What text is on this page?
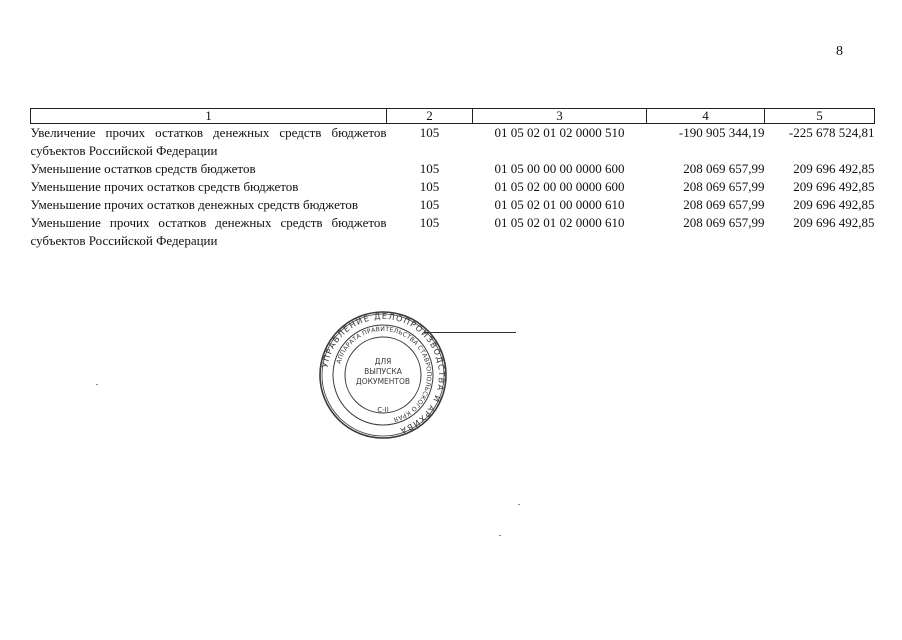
8
1	2	3	4	5
Увеличение прочих остатков денежных средств бюджетов субъектов Российской Федерации	105	01 05 02 01 02 0000 510	-190 905 344,19	-225 678 524,81
Уменьшение остатков средств бюджетов	105	01 05 00 00 00 0000 600	208 069 657,99	209 696 492,85
Уменьшение прочих остатков средств бюджетов	105	01 05 02 00 00 0000 600	208 069 657,99	209 696 492,85
Уменьшение прочих остатков денежных средств бюджетов	105	01 05 02 01 00 0000 610	208 069 657,99	209 696 492,85
Уменьшение прочих остатков денежных средств бюджетов субъектов Российской Федерации	105	01 05 02 01 02 0000 610	208 069 657,99	209 696 492,85
УПРАВЛЕНИЕ ДЕЛОПРОИЗВОДСТВА И АРХИВА
АППАРАТА ПРАВИТЕЛЬСТВА СТАВРОПОЛЬСКОГО КРАЯ
ДЛЯ
ВЫПУСКА
ДОКУМЕНТОВ
С-II
